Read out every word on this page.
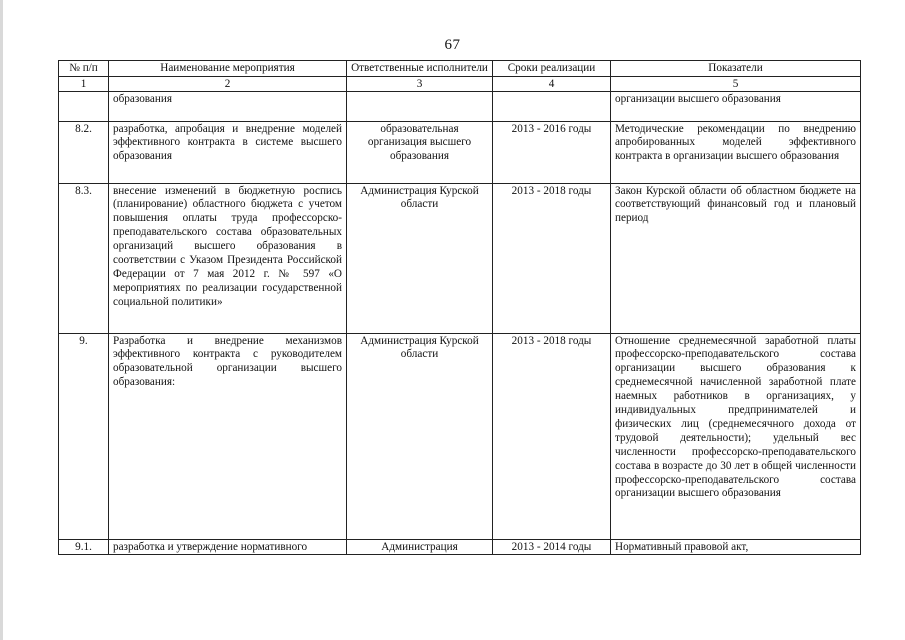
67
№ п/п	Наименование мероприятия	Ответственные исполнители	Сроки реализации	Показатели
1	2	3	4	5
	образования			организации высшего образования
8.2.	разработка, апробация и внедрение моделей эффективного контракта в системе высшего образования	образовательная организация высшего образования	2013 - 2016 годы	Методические рекомендации по внедрению апробированных моделей эффективного контракта в организации высшего образования
8.3.	внесение изменений в бюджетную роспись (планирование) областного бюджета с учетом повышения оплаты труда профессорско-преподавательского состава образовательных организаций высшего образования в соответствии с Указом Президента Российской Федерации от 7 мая 2012 г. № 597 «О мероприятиях по реализации государственной социальной политики»	Администрация Курской области	2013 - 2018 годы	Закон Курской области об областном бюджете на соответствующий финансовый год и плановый период
9.	Разработка и внедрение механизмов эффективного контракта с руководителем образовательной организации высшего образования:	Администрация Курской области	2013 - 2018 годы	Отношение среднемесячной заработной платы профессорско-преподавательского состава организации высшего образования к среднемесячной начисленной заработной плате наемных работников в организациях, у индивидуальных предпринимателей и физических лиц (среднемесячного дохода от трудовой деятельности); удельный вес численности профессорско-преподавательского состава в возрасте до 30 лет в общей численности профессорско-преподавательского состава организации высшего образования
9.1.	разработка и утверждение нормативного	Администрация	2013 - 2014 годы	Нормативный правовой акт,
